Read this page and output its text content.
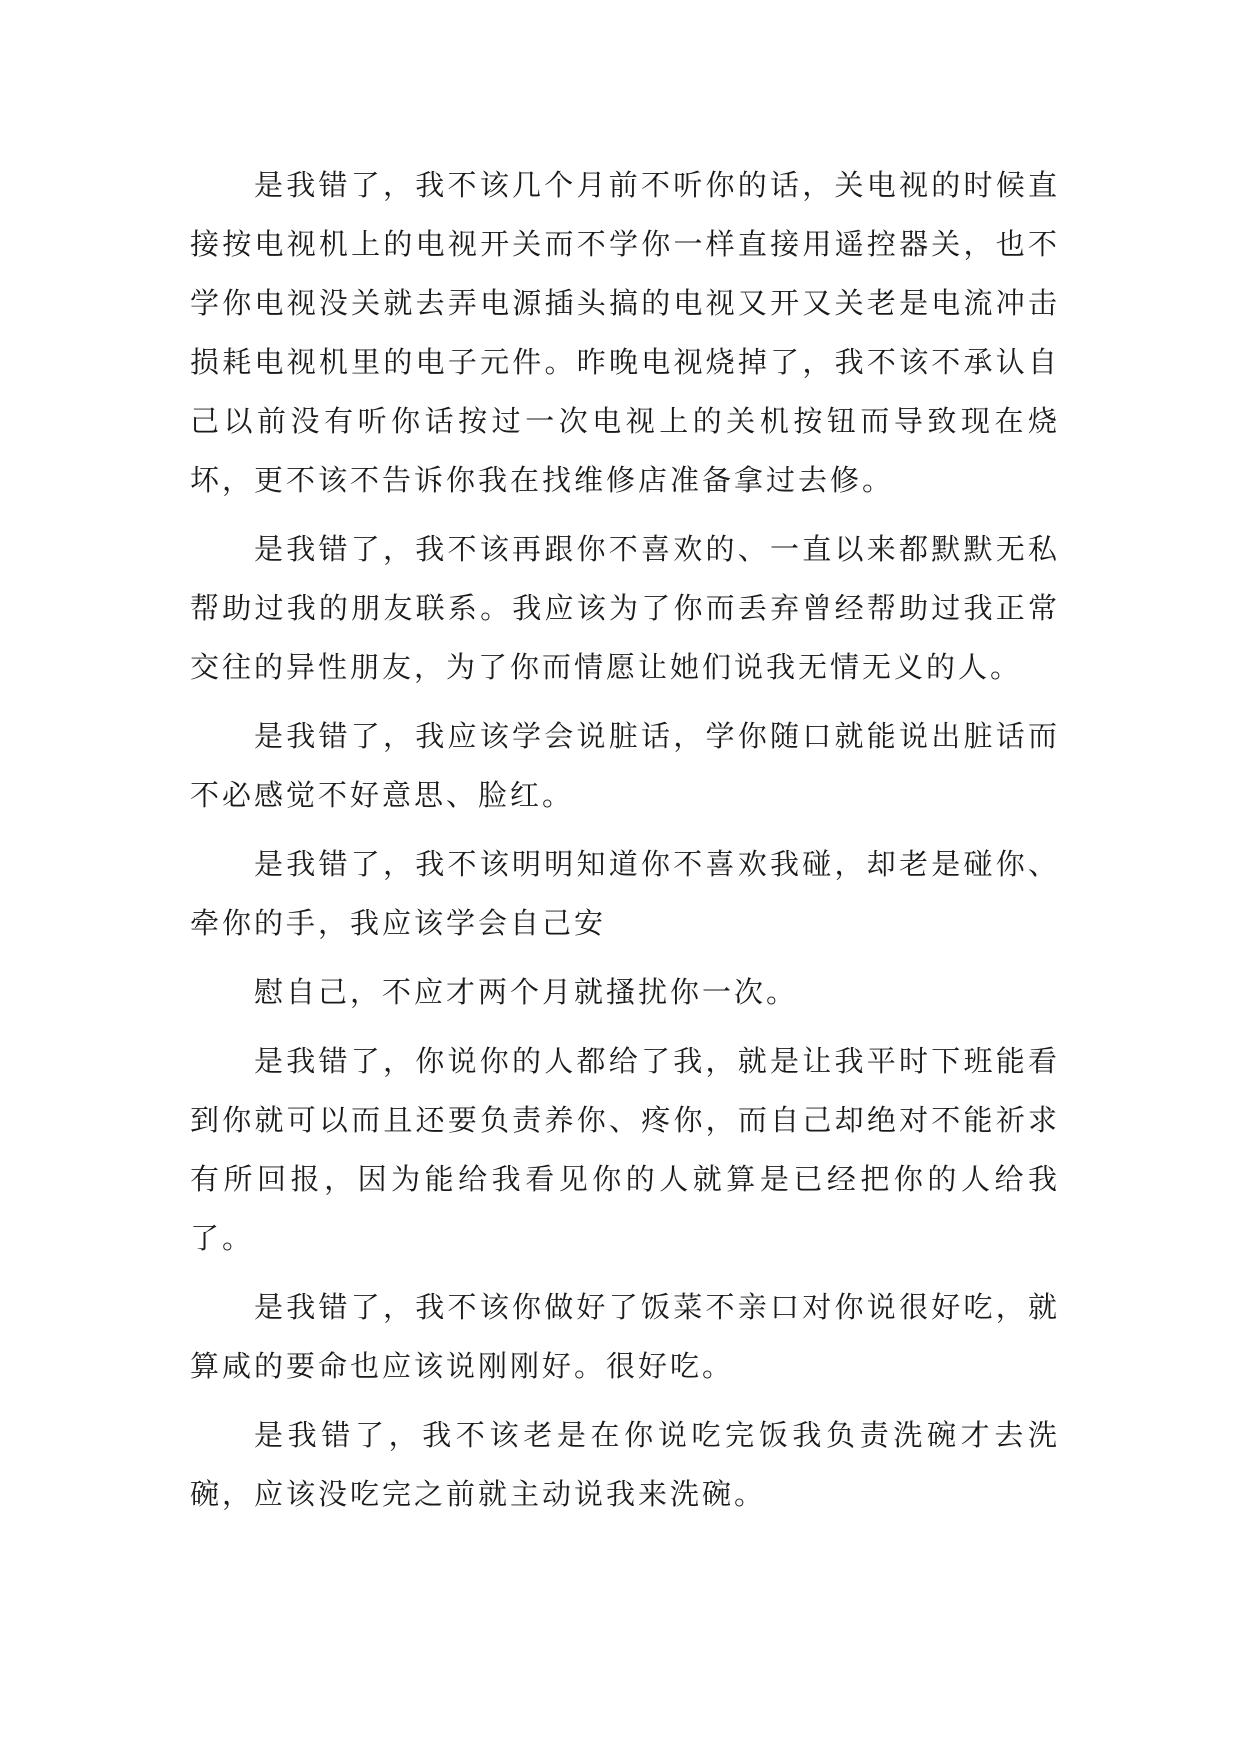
是我错了，我不该几个月前不听你的话，关电视的时候直接按电视机上的电视开关而不学你一样直接用遥控器关，也不学你电视没关就去弄电源插头搞的电视又开又关老是电流冲击损耗电视机里的电子元件。昨晚电视烧掉了，我不该不承认自己以前没有听你话按过一次电视上的关机按钮而导致现在烧坏，更不该不告诉你我在找维修店准备拿过去修。

是我错了，我不该再跟你不喜欢的、一直以来都默默无私帮助过我的朋友联系。我应该为了你而丢弃曾经帮助过我正常交往的异性朋友，为了你而情愿让她们说我无情无义的人。

是我错了，我应该学会说脏话，学你随口就能说出脏话而不必感觉不好意思、脸红。

是我错了，我不该明明知道你不喜欢我碰，却老是碰你、牵你的手，我应该学会自己安

慰自己，不应才两个月就搔扰你一次。

是我错了，你说你的人都给了我，就是让我平时下班能看到你就可以而且还要负责养你、疼你，而自己却绝对不能祈求有所回报，因为能给我看见你的人就算是已经把你的人给我了。

是我错了，我不该你做好了饭菜不亲口对你说很好吃，就算咸的要命也应该说刚刚好。很好吃。

是我错了，我不该老是在你说吃完饭我负责洗碗才去洗碗，应该没吃完之前就主动说我来洗碗。
